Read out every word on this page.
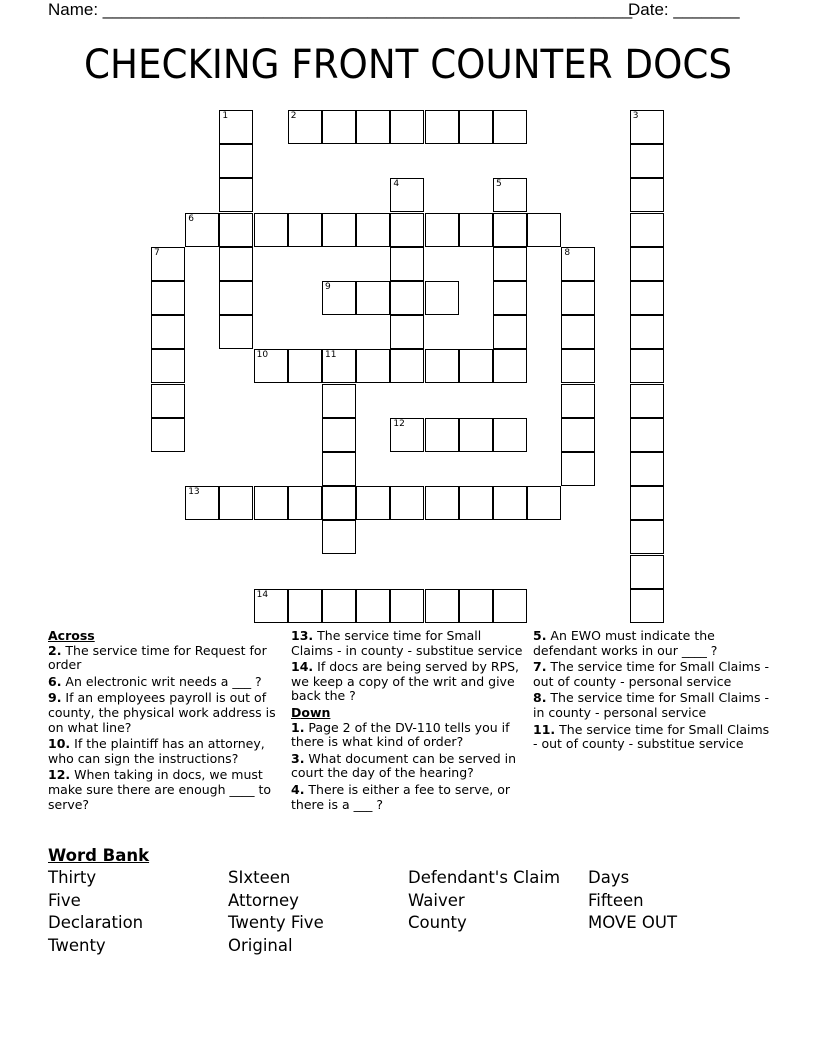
Name: ________________________________________________________
Date: _______
CHECKING FRONT COUNTER DOCS
2
6
9
10	11
12
13
14
1	3
4	5
7	8
Across
2. The service time for Request for order
6. An electronic writ needs a ___ ?
9. If an employees payroll is out of county, the physical work address is on what line?
10. If the plaintiff has an attorney, who can sign the instructions?
12. When taking in docs, we must make sure there are enough ____ to serve?
13. The service time for Small Claims - in county - substitue service
14. If docs are being served by RPS, we keep a copy of the writ and give back the ?
Down
1. Page 2 of the DV-110 tells you if there is what kind of order?
3. What document can be served in court the day of the hearing?
4. There is either a fee to serve, or there is a ___ ?
5. An EWO must indicate the defendant works in our ____ ?
7. The service time for Small Claims - out of county - personal service
8. The service time for Small Claims - in county - personal service
11. The service time for Small Claims - out of county - substitue service
Word Bank
Thirty
Five
Declaration
Twenty
SIxteen
Attorney
Twenty Five
Original
Defendant's Claim
Waiver
County
Days
Fifteen
MOVE OUT
